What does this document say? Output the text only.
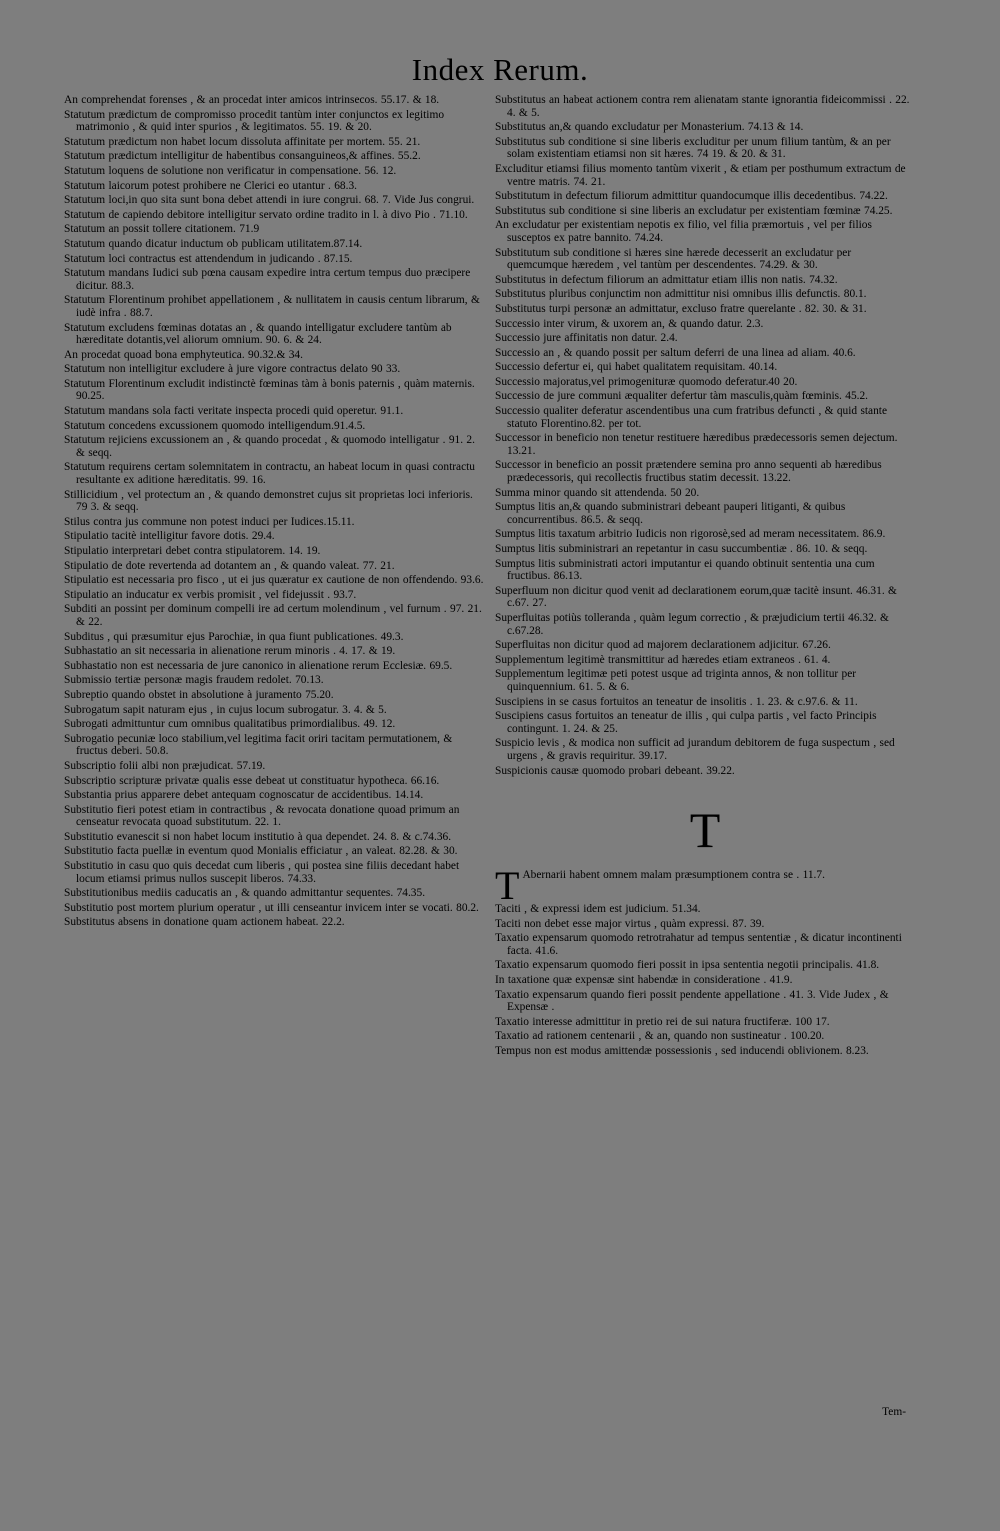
Index Rerum.
An comprehendat forenses , & an procedat inter amicos intrinsecos. 55.17. & 18.
Statutum prædictum de compromisso procedit tantùm inter conjunctos ex legitimo matrimonio , & quid inter spurios , & legitimatos. 55. 19. & 20.
Statutum prædictum non habet locum dissoluta affinitate per mortem. 55. 21.
Statutum prædictum intelligitur de habentibus consanguineos,& affines. 55.2.
Statutum loquens de solutione non verificatur in compensatione. 56. 12.
Statutum laicorum potest prohibere ne Clerici eo utantur . 68.3.
Statutum loci,in quo sita sunt bona debet attendi in iure congrui. 68. 7. Vide Jus congrui.
Statutum de capiendo debitore intelligitur servato ordine tradito in l. à divo Pio . 71.10.
Statutum an possit tollere citationem. 71.9
Statutum quando dicatur inductum ob publicam utilitatem.87.14.
Statutum loci contractus est attendendum in judicando . 87.15.
Statutum mandans Iudici sub pœna causam expedire intra certum tempus duo præcipere dicitur. 88.3.
Statutum Florentinum prohibet appellationem , & nullitatem in causis centum librarum, & iudè infra . 88.7.
Statutum excludens fœminas dotatas an , & quando intelligatur excludere tantùm ab hæreditate dotantis,vel aliorum omnium. 90. 6. & 24.
An procedat quoad bona emphyteutica. 90.32.& 34.
Statutum non intelligitur excludere à jure vigore contractus delato 90 33.
Statutum Florentinum excludit indistinctè fœminas tàm à bonis paternis , quàm maternis. 90.25.
Statutum mandans sola facti veritate inspecta procedi quid operetur. 91.1.
Statutum concedens excussionem quomodo intelligendum.91.4.5.
Statutum rejiciens excussionem an , & quando procedat , & quomodo intelligatur . 91. 2. & seqq.
Statutum requirens certam solemnitatem in contractu, an habeat locum in quasi contractu resultante ex aditione hæreditatis. 99. 16.
Stillicidium , vel protectum an , & quando demonstret cujus sit proprietas loci inferioris. 79 3. & seqq.
Stilus contra jus commune non potest induci per Iudices.15.11.
Stipulatio tacitè intelligitur favore dotis. 29.4.
Stipulatio interpretari debet contra stipulatorem. 14. 19.
Stipulatio de dote revertenda ad dotantem an , & quando valeat. 77. 21.
Stipulatio est necessaria pro fisco , ut ei jus quæratur ex cautione de non offendendo. 93.6.
Stipulatio an inducatur ex verbis promisit , vel fidejussit . 93.7.
Subditi an possint per dominum compelli ire ad certum molendinum , vel furnum . 97. 21. & 22.
Subditus , qui præsumitur ejus Parochiæ, in qua fiunt publicationes. 49.3.
Subhastatio an sit necessaria in alienatione rerum minoris . 4. 17. & 19.
Subhastatio non est necessaria de jure canonico in alienatione rerum Ecclesiæ. 69.5.
Submissio tertiæ personæ magis fraudem redolet. 70.13.
Subreptio quando obstet in absolutione à juramento 75.20.
Subrogatum sapit naturam ejus , in cujus locum subrogatur. 3. 4. & 5.
Subrogati admittuntur cum omnibus qualitatibus primordialibus. 49. 12.
Subrogatio pecuniæ loco stabilium,vel legitima facit oriri tacitam permutationem, & fructus deberi. 50.8.
Subscriptio folii albi non præjudicat. 57.19.
Subscriptio scripturæ privatæ qualis esse debeat ut constituatur hypotheca. 66.16.
Substantia prius apparere debet antequam cognoscatur de accidentibus. 14.14.
Substitutio fieri potest etiam in contractibus , & revocata donatione quoad primum an censeatur revocata quoad substitutum. 22. 1.
Substitutio evanescit si non habet locum institutio à qua dependet. 24. 8. & c.74.36.
Substitutio facta puellæ in eventum quod Monialis efficiatur , an valeat. 82.28. & 30.
Substitutio in casu quo quis decedat cum liberis , qui postea sine filiis decedant habet locum etiamsi primus nullos suscepit liberos. 74.33.
Substitutionibus mediis caducatis an , & quando admittantur sequentes. 74.35.
Substitutio post mortem plurium operatur , ut illi censeantur invicem inter se vocati. 80.2.
Substitutus absens in donatione quam actionem habeat. 22.2.
Substitutus an habeat actionem contra rem alienatam stante ignorantia fideicommissi . 22. 4. & 5.
Substitutus an,& quando excludatur per Monasterium. 74.13 & 14.
Substitutus sub conditione si sine liberis excluditur per unum filium tantùm, & an per solam existentiam etiamsi non sit hæres. 74 19. & 20. & 31.
Excluditur etiamsi filius momento tantùm vixerit , & etiam per posthumum extractum de ventre matris. 74. 21.
Substitutum in defectum filiorum admittitur quandocumque illis decedentibus. 74.22.
Substitutus sub conditione si sine liberis an excludatur per existentiam fœminæ 74.25.
An excludatur per existentiam nepotis ex filio, vel filia præmortuis , vel per filios susceptos ex patre bannito. 74.24.
Substitutum sub conditione si hæres sine hærede decesserit an excludatur per quemcumque hæredem , vel tantùm per descendentes. 74.29. & 30.
Substitutus in defectum filiorum an admittatur etiam illis non natis. 74.32.
Substitutus pluribus conjunctim non admittitur nisi omnibus illis defunctis. 80.1.
Substitutus turpi personæ an admittatur, excluso fratre querelante . 82. 30. & 31.
Successio inter virum, & uxorem an, & quando datur. 2.3.
Successio jure affinitatis non datur. 2.4.
Successio an , & quando possit per saltum deferri de una linea ad aliam. 40.6.
Successio defertur ei, qui habet qualitatem requisitam. 40.14.
Successio majoratus,vel primogenituræ quomodo deferatur.40 20.
Successio de jure communi æqualiter defertur tàm masculis,quàm fœminis. 45.2.
Successio qualiter deferatur ascendentibus una cum fratribus defuncti , & quid stante statuto Florentino.82. per tot.
Successor in beneficio non tenetur restituere hæredibus prædecessoris semen dejectum. 13.21.
Successor in beneficio an possit prætendere semina pro anno sequenti ab hæredibus prædecessoris, qui recollectis fructibus statim decessit. 13.22.
Summa minor quando sit attendenda. 50 20.
Sumptus litis an,& quando subministrari debeant pauperi litiganti, & quibus concurrentibus. 86.5. & seqq.
Sumptus litis taxatum arbitrio Iudicis non rigorosè,sed ad meram necessitatem. 86.9.
Sumptus litis subministrari an repetantur in casu succumbentiæ . 86. 10. & seqq.
Sumptus litis subministrati actori imputantur ei quando obtinuit sententia una cum fructibus. 86.13.
Superfluum non dicitur quod venit ad declarationem eorum,quæ tacitè insunt. 46.31. & c.67. 27.
Superfluitas potiùs tolleranda , quàm legum correctio , & præjudicium tertii 46.32. & c.67.28.
Superfluitas non dicitur quod ad majorem declarationem adjicitur. 67.26.
Supplementum legitimè transmittitur ad hæredes etiam extraneos . 61. 4.
Supplementum legitimæ peti potest usque ad triginta annos, & non tollitur per quinquennium. 61. 5. & 6.
Suscipiens in se casus fortuitos an teneatur de insolitis . 1. 23. & c.97.6. & 11.
Suscipiens casus fortuitos an teneatur de illis , qui culpa partis , vel facto Principis contingunt. 1. 24. & 25.
Suspicio levis , & modica non sufficit ad jurandum debitorem de fuga suspectum , sed urgens , & gravis requiritur. 39.17.
Suspicionis causæ quomodo probari debeant. 39.22.
T
T Abernarii habent omnem malam præsumptionem contra se . 11.7.
Taciti , & expressi idem est judicium. 51.34.
Taciti non debet esse major virtus , quàm expressi. 87. 39.
Taxatio expensarum quomodo retrotrahatur ad tempus sententiæ , & dicatur incontinenti facta. 41.6.
Taxatio expensarum quomodo fieri possit in ipsa sententia negotii principalis. 41.8.
In taxatione quæ expensæ sint habendæ in consideratione . 41.9.
Taxatio expensarum quando fieri possit pendente appellatione . 41. 3. Vide Judex , & Expensæ .
Taxatio interesse admittitur in pretio rei de sui natura fructiferæ. 100 17.
Taxatio ad rationem centenarii , & an, quando non sustineatur . 100.20.
Tempus non est modus amittendæ possessionis , sed inducendi oblivionem. 8.23.
Tem-
